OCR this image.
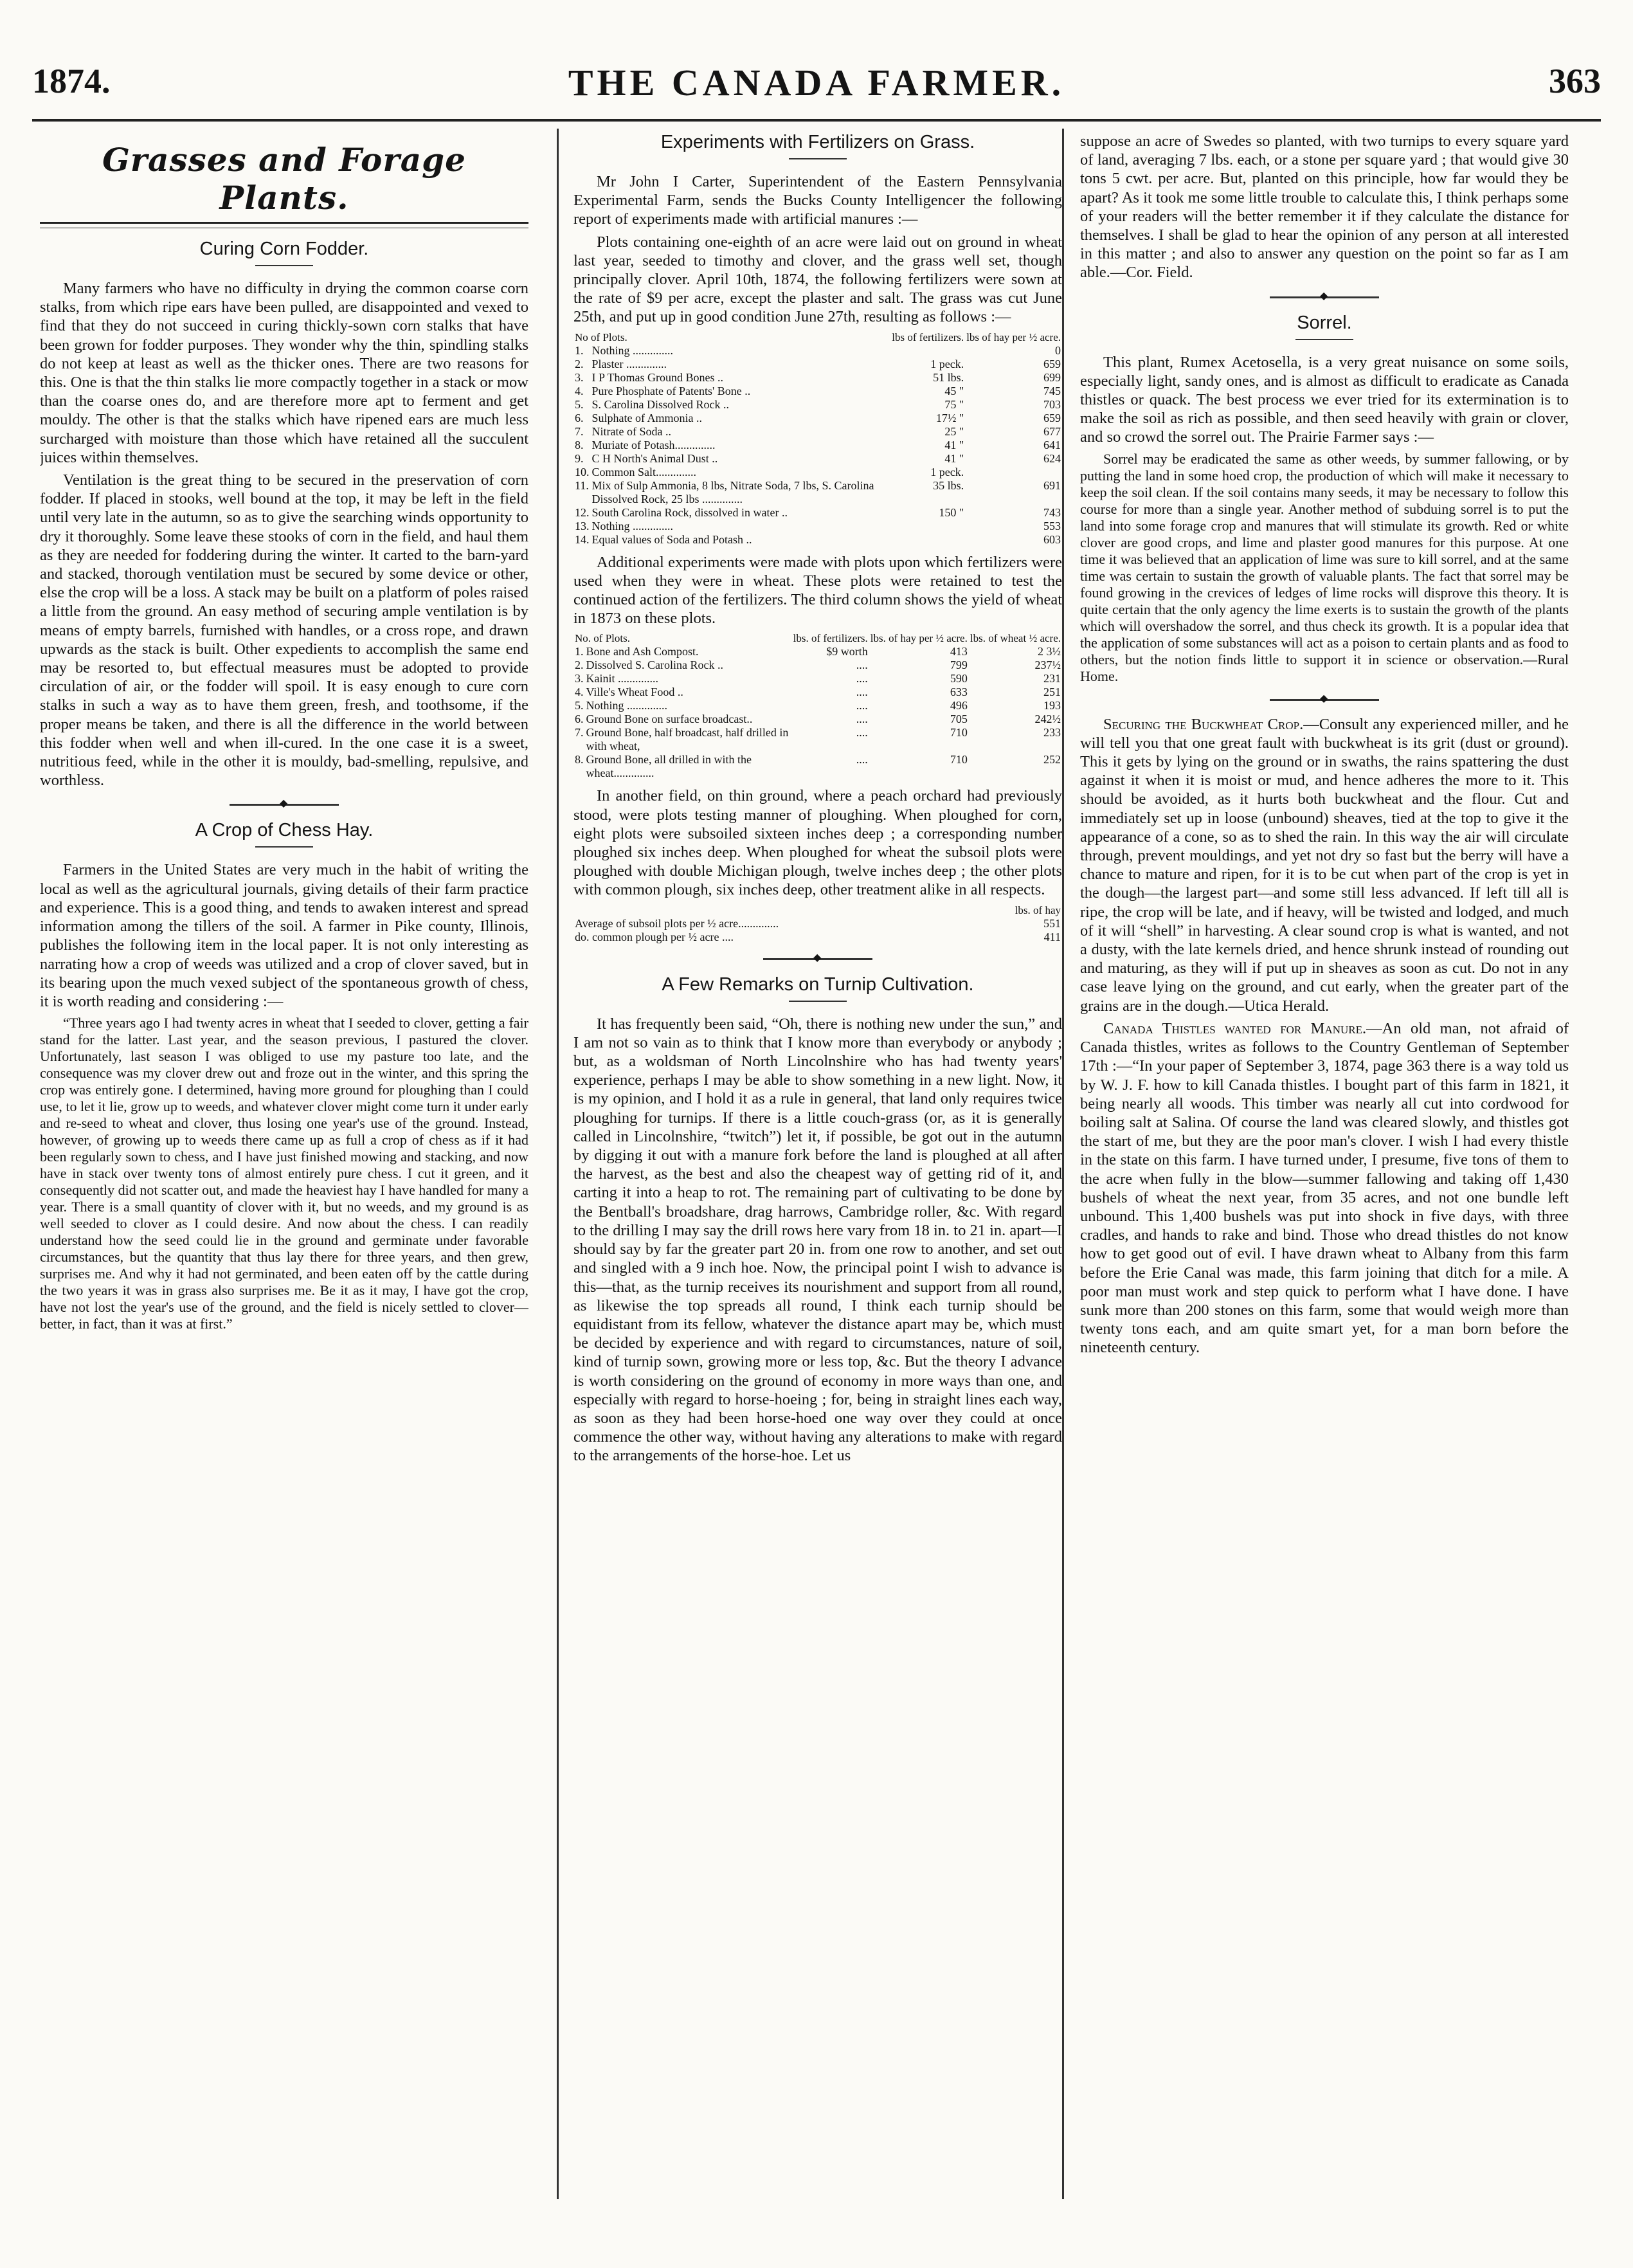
1874.	THE CANADA FARMER.	363
Grasses and Forage Plants.
Curing Corn Fodder.

Many farmers who have no difficulty in drying the common coarse corn stalks, from which ripe ears have been pulled, are disappointed and vexed to find that they do not succeed in curing thickly-sown corn stalks that have been grown for fodder purposes. They wonder why the thin, spindling stalks do not keep at least as well as the thicker ones. There are two reasons for this. One is that the thin stalks lie more compactly together in a stack or mow than the coarse ones do, and are therefore more apt to ferment and get mouldy. The other is that the stalks which have ripened ears are much less surcharged with moisture than those which have retained all the succulent juices within themselves.

Ventilation is the great thing to be secured in the preservation of corn fodder. If placed in stooks, well bound at the top, it may be left in the field until very late in the autumn, so as to give the searching winds opportunity to dry it thoroughly. Some leave these stooks of corn in the field, and haul them as they are needed for foddering during the winter. It carted to the barn-yard and stacked, thorough ventilation must be secured by some device or other, else the crop will be a loss. A stack may be built on a platform of poles raised a little from the ground. An easy method of securing ample ventilation is by means of empty barrels, furnished with handles, or a cross rope, and drawn upwards as the stack is built. Other expedients to accomplish the same end may be resorted to, but effectual measures must be adopted to provide circulation of air, or the fodder will spoil. It is easy enough to cure corn stalks in such a way as to have them green, fresh, and toothsome, if the proper means be taken, and there is all the difference in the world between this fodder when well and when ill-cured. In the one case it is a sweet, nutritious feed, while in the other it is mouldy, bad-smelling, repulsive, and worthless.

◆
A Crop of Chess Hay.

Farmers in the United States are very much in the habit of writing the local as well as the agricultural journals, giving details of their farm practice and experience. This is a good thing, and tends to awaken interest and spread information among the tillers of the soil. A farmer in Pike county, Illinois, publishes the following item in the local paper. It is not only interesting as narrating how a crop of weeds was utilized and a crop of clover saved, but in its bearing upon the much vexed subject of the spontaneous growth of chess, it is worth reading and considering :—

“Three years ago I had twenty acres in wheat that I seeded to clover, getting a fair stand for the latter. Last year, and the season previous, I pastured the clover. Unfortunately, last season I was obliged to use my pasture too late, and the consequence was my clover drew out and froze out in the winter, and this spring the crop was entirely gone. I determined, having more ground for ploughing than I could use, to let it lie, grow up to weeds, and whatever clover might come turn it under early and re-seed to wheat and clover, thus losing one year's use of the ground. Instead, however, of growing up to weeds there came up as full a crop of chess as if it had been regularly sown to chess, and I have just finished mowing and stacking, and now have in stack over twenty tons of almost entirely pure chess. I cut it green, and it consequently did not scatter out, and made the heaviest hay I have handled for many a year. There is a small quantity of clover with it, but no weeds, and my ground is as well seeded to clover as I could desire. And now about the chess. I can readily understand how the seed could lie in the ground and germinate under favorable circumstances, but the quantity that thus lay there for three years, and then grew, surprises me. And why it had not germinated, and been eaten off by the cattle during the two years it was in grass also surprises me. Be it as it may, I have got the crop, have not lost the year's use of the ground, and the field is nicely settled to clover—better, in fact, than it was at first.”

Experiments with Fertilizers on Grass.

Mr John I Carter, Superintendent of the Eastern Pennsylvania Experimental Farm, sends the Bucks County Intelligencer the following report of experiments made with artificial manures :—

Plots containing one-eighth of an acre were laid out on ground in wheat last year, seeded to timothy and clover, and the grass well set, though principally clover. April 10th, 1874, the following fertilizers were sown at the rate of $9 per acre, except the plaster and salt. The grass was cut June 25th, and put up in good condition June 27th, resulting as follows :—

No of Plots.		lbs of fertilizers.	lbs of hay per ½ acre.
1.	Nothing ..............		0
2.	Plaster ..............	1 peck.	659
3.	I P Thomas Ground Bones ..	51 lbs.	699
4.	Pure Phosphate of Patents' Bone ..	45 "	745
5.	S. Carolina Dissolved Rock ..	75 "	703
6.	Sulphate of Ammonia ..	17½ "	659
7.	Nitrate of Soda ..	25 "	677
8.	Muriate of Potash..............	41 "	641
9.	C H North's Animal Dust ..	41 "	624
10.	Common Salt..............	1 peck.	
11.	Mix of Sulp Ammonia, 8 lbs, Nitrate Soda, 7 lbs, S. Carolina Dissolved Rock, 25 lbs ..............	35 lbs.	691
12.	South Carolina Rock, dissolved in water ..	150 "	743
13.	Nothing ..............		553
14.	Equal values of Soda and Potash ..		603

Additional experiments were made with plots upon which fertilizers were used when they were in wheat. These plots were retained to test the continued action of the fertilizers. The third column shows the yield of wheat in 1873 on these plots.

No. of Plots.		lbs. of fertilizers.	lbs. of hay per ½ acre.	lbs. of wheat ½ acre.
1.	Bone and Ash Compost.	$9 worth	413	2 3½
2.	Dissolved S. Carolina Rock ..	....	799	237½
3.	Kainit ..............	....	590	231
4.	Ville's Wheat Food ..	....	633	251
5.	Nothing ..............	....	496	193
6.	Ground Bone on surface broadcast..	....	705	242½
7.	Ground Bone, half broadcast, half drilled in with wheat,	....	710	233
8.	Ground Bone, all drilled in with the wheat..............	....	710	252

In another field, on thin ground, where a peach orchard had previously stood, were plots testing manner of ploughing. When ploughed for corn, eight plots were subsoiled sixteen inches deep ; a corresponding number ploughed six inches deep. When ploughed for wheat the subsoil plots were ploughed with double Michigan plough, twelve inches deep ; the other plots with common plough, six inches deep, other treatment alike in all respects.

	lbs. of hay
Average of subsoil plots per ½ acre..............	551
do. common plough per ½ acre ....	411
◆
A Few Remarks on Turnip Cultivation.

It has frequently been said, “Oh, there is nothing new under the sun,” and I am not so vain as to think that I know more than everybody or anybody ; but, as a woldsman of North Lincolnshire who has had twenty years' experience, perhaps I may be able to show something in a new light. Now, it is my opinion, and I hold it as a rule in general, that land only requires twice ploughing for turnips. If there is a little couch-grass (or, as it is generally called in Lincolnshire, “twitch”) let it, if possible, be got out in the autumn by digging it out with a manure fork before the land is ploughed at all after the harvest, as the best and also the cheapest way of getting rid of it, and carting it into a heap to rot. The remaining part of cultivating to be done by the Bentball's broadshare, drag harrows, Cambridge roller, &c. With regard to the drilling I may say the drill rows here vary from 18 in. to 21 in. apart—I should say by far the greater part 20 in. from one row to another, and set out and singled with a 9 inch hoe. Now, the principal point I wish to advance is this—that, as the turnip receives its nourishment and support from all round, as likewise the top spreads all round, I think each turnip should be equidistant from its fellow, whatever the distance apart may be, which must be decided by experience and with regard to circumstances, nature of soil, kind of turnip sown, growing more or less top, &c. But the theory I advance is worth considering on the ground of economy in more ways than one, and especially with regard to horse-hoeing ; for, being in straight lines each way, as soon as they had been horse-hoed one way over they could at once commence the other way, without having any alterations to make with regard to the arrangements of the horse-hoe. Let us

suppose an acre of Swedes so planted, with two turnips to every square yard of land, averaging 7 lbs. each, or a stone per square yard ; that would give 30 tons 5 cwt. per acre. But, planted on this principle, how far would they be apart? As it took me some little trouble to calculate this, I think perhaps some of your readers will the better remember it if they calculate the distance for themselves. I shall be glad to hear the opinion of any person at all interested in this matter ; and also to answer any question on the point so far as I am able.—Cor. Field.

◆
Sorrel.

This plant, Rumex Acetosella, is a very great nuisance on some soils, especially light, sandy ones, and is almost as difficult to eradicate as Canada thistles or quack. The best process we ever tried for its extermination is to make the soil as rich as possible, and then seed heavily with grain or clover, and so crowd the sorrel out. The Prairie Farmer says :—

Sorrel may be eradicated the same as other weeds, by summer fallowing, or by putting the land in some hoed crop, the production of which will make it necessary to keep the soil clean. If the soil contains many seeds, it may be necessary to follow this course for more than a single year. Another method of subduing sorrel is to put the land into some forage crop and manures that will stimulate its growth. Red or white clover are good crops, and lime and plaster good manures for this purpose. At one time it was believed that an application of lime was sure to kill sorrel, and at the same time was certain to sustain the growth of valuable plants. The fact that sorrel may be found growing in the crevices of ledges of lime rocks will disprove this theory. It is quite certain that the only agency the lime exerts is to sustain the growth of the plants which will overshadow the sorrel, and thus check its growth. It is a popular idea that the application of some substances will act as a poison to certain plants and as food to others, but the notion finds little to support it in science or observation.—Rural Home.

◆

Securing the Buckwheat Crop.—Consult any experienced miller, and he will tell you that one great fault with buckwheat is its grit (dust or ground). This it gets by lying on the ground or in swaths, the rains spattering the dust against it when it is moist or mud, and hence adheres the more to it. This should be avoided, as it hurts both buckwheat and the flour. Cut and immediately set up in loose (unbound) sheaves, tied at the top to give it the appearance of a cone, so as to shed the rain. In this way the air will circulate through, prevent mouldings, and yet not dry so fast but the berry will have a chance to mature and ripen, for it is to be cut when part of the crop is yet in the dough—the largest part—and some still less advanced. If left till all is ripe, the crop will be late, and if heavy, will be twisted and lodged, and much of it will “shell” in harvesting. A clear sound crop is what is wanted, and not a dusty, with the late kernels dried, and hence shrunk instead of rounding out and maturing, as they will if put up in sheaves as soon as cut. Do not in any case leave lying on the ground, and cut early, when the greater part of the grains are in the dough.—Utica Herald.

Canada Thistles wanted for Manure.—An old man, not afraid of Canada thistles, writes as follows to the Country Gentleman of September 17th :—“In your paper of September 3, 1874, page 363 there is a way told us by W. J. F. how to kill Canada thistles. I bought part of this farm in 1821, it being nearly all woods. This timber was nearly all cut into cordwood for boiling salt at Salina. Of course the land was cleared slowly, and thistles got the start of me, but they are the poor man's clover. I wish I had every thistle in the state on this farm. I have turned under, I presume, five tons of them to the acre when fully in the blow—summer fallowing and taking off 1,430 bushels of wheat the next year, from 35 acres, and not one bundle left unbound. This 1,400 bushels was put into shock in five days, with three cradles, and hands to rake and bind. Those who dread thistles do not know how to get good out of evil. I have drawn wheat to Albany from this farm before the Erie Canal was made, this farm joining that ditch for a mile. A poor man must work and step quick to perform what I have done. I have sunk more than 200 stones on this farm, some that would weigh more than twenty tons each, and am quite smart yet, for a man born before the nineteenth century.
